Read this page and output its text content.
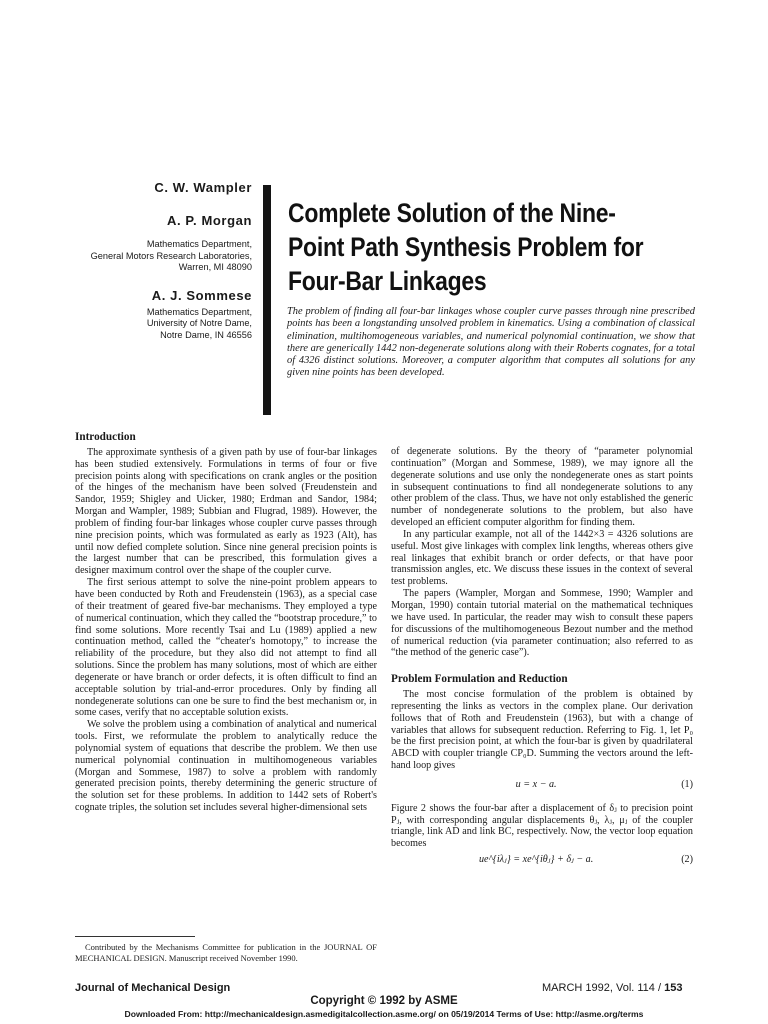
C. W. Wampler

A. P. Morgan

Mathematics Department,

General Motors Research Laboratories,

Warren, MI 48090

A. J. Sommese

Mathematics Department,

University of Notre Dame,

Notre Dame, IN 46556

Complete Solution of the Nine-
Point Path Synthesis Problem for
Four-Bar Linkages

The problem of finding all four-bar linkages whose coupler curve passes through nine prescribed points has been a longstanding unsolved problem in kinematics. Using a combination of classical elimination, multihomogeneous variables, and numerical polynomial continuation, we show that there are generically 1442 non-degenerate solutions along with their Roberts cognates, for a total of 4326 distinct solutions. Moreover, a computer algorithm that computes all solutions for any given nine points has been developed.

Introduction

The approximate synthesis of a given path by use of four-bar linkages has been studied extensively. Formulations in terms of four or five precision points along with specifications on crank angles or the position of the hinges of the mechanism have been solved (Freudenstein and Sandor, 1959; Shigley and Uicker, 1980; Erdman and Sandor, 1984; Morgan and Wampler, 1989; Subbian and Flugrad, 1989). However, the problem of finding four-bar linkages whose coupler curve passes through nine precision points, which was formulated as early as 1923 (Alt), has until now defied complete solution. Since nine general precision points is the largest number that can be prescribed, this formulation gives a designer maximum control over the shape of the coupler curve.

The first serious attempt to solve the nine-point problem appears to have been conducted by Roth and Freudenstein (1963), as a special case of their treatment of geared five-bar mechanisms. They employed a type of numerical continuation, which they called the “bootstrap procedure,” to find some solutions. More recently Tsai and Lu (1989) applied a new continuation method, called the “cheater's homotopy,” to increase the reliability of the procedure, but they also did not attempt to find all solutions. Since the problem has many solutions, most of which are either degenerate or have branch or order defects, it is often difficult to find an acceptable solution by trial-and-error procedures. Only by finding all nondegenerate solutions can one be sure to find the best mechanism or, in some cases, verify that no acceptable solution exists.

We solve the problem using a combination of analytical and numerical tools. First, we reformulate the problem to analytically reduce the polynomial system of equations that describe the problem. We then use numerical polynomial continuation in multihomogeneous variables (Morgan and Sommese, 1987) to solve a problem with randomly generated precision points, thereby determining the generic structure of the solution set for these problems. In addition to 1442 sets of Robert's cognate triples, the solution set includes several higher-dimensional sets

of degenerate solutions. By the theory of “parameter polynomial continuation” (Morgan and Sommese, 1989), we may ignore all the degenerate solutions and use only the nondegenerate ones as start points in subsequent continuations to find all nondegenerate solutions to any other problem of the class. Thus, we have not only established the generic number of nondegenerate solutions to the problem, but also have developed an efficient computer algorithm for finding them.

In any particular example, not all of the 1442×3 = 4326 solutions are useful. Most give linkages with complex link lengths, whereas others give real linkages that exhibit branch or order defects, or that have poor transmission angles, etc. We discuss these issues in the context of several test problems.

The papers (Wampler, Morgan and Sommese, 1990; Wampler and Morgan, 1990) contain tutorial material on the mathematical techniques we have used. In particular, the reader may wish to consult these papers for discussions of the multihomogeneous Bezout number and the method of numerical reduction (via parameter continuation; also referred to as “the method of the generic case”).

Problem Formulation and Reduction

The most concise formulation of the problem is obtained by representing the links as vectors in the complex plane. Our derivation follows that of Roth and Freudenstein (1963), but with a change of variables that allows for subsequent reduction. Referring to Fig. 1, let P₀ be the first precision point, at which the four-bar is given by quadrilateral ABCD with coupler triangle CP₀D. Summing the vectors around the left-hand loop gives

u = x − a.	(1)

Figure 2 shows the four-bar after a displacement of δⱼ to precision point Pⱼ, with corresponding angular displacements θⱼ, λⱼ, μⱼ of the coupler triangle, link AD and link BC, respectively. Now, the vector loop equation becomes

ue^{iλⱼ} = xe^{iθⱼ} + δⱼ − a.	(2)

Contributed by the Mechanisms Committee for publication in the JOURNAL OF MECHANICAL DESIGN. Manuscript received November 1990.

Journal of Mechanical Design	MARCH 1992, Vol. 114 / 153

Copyright © 1992 by ASME

Downloaded From: http://mechanicaldesign.asmedigitalcollection.asme.org/ on 05/19/2014 Terms of Use: http://asme.org/terms
